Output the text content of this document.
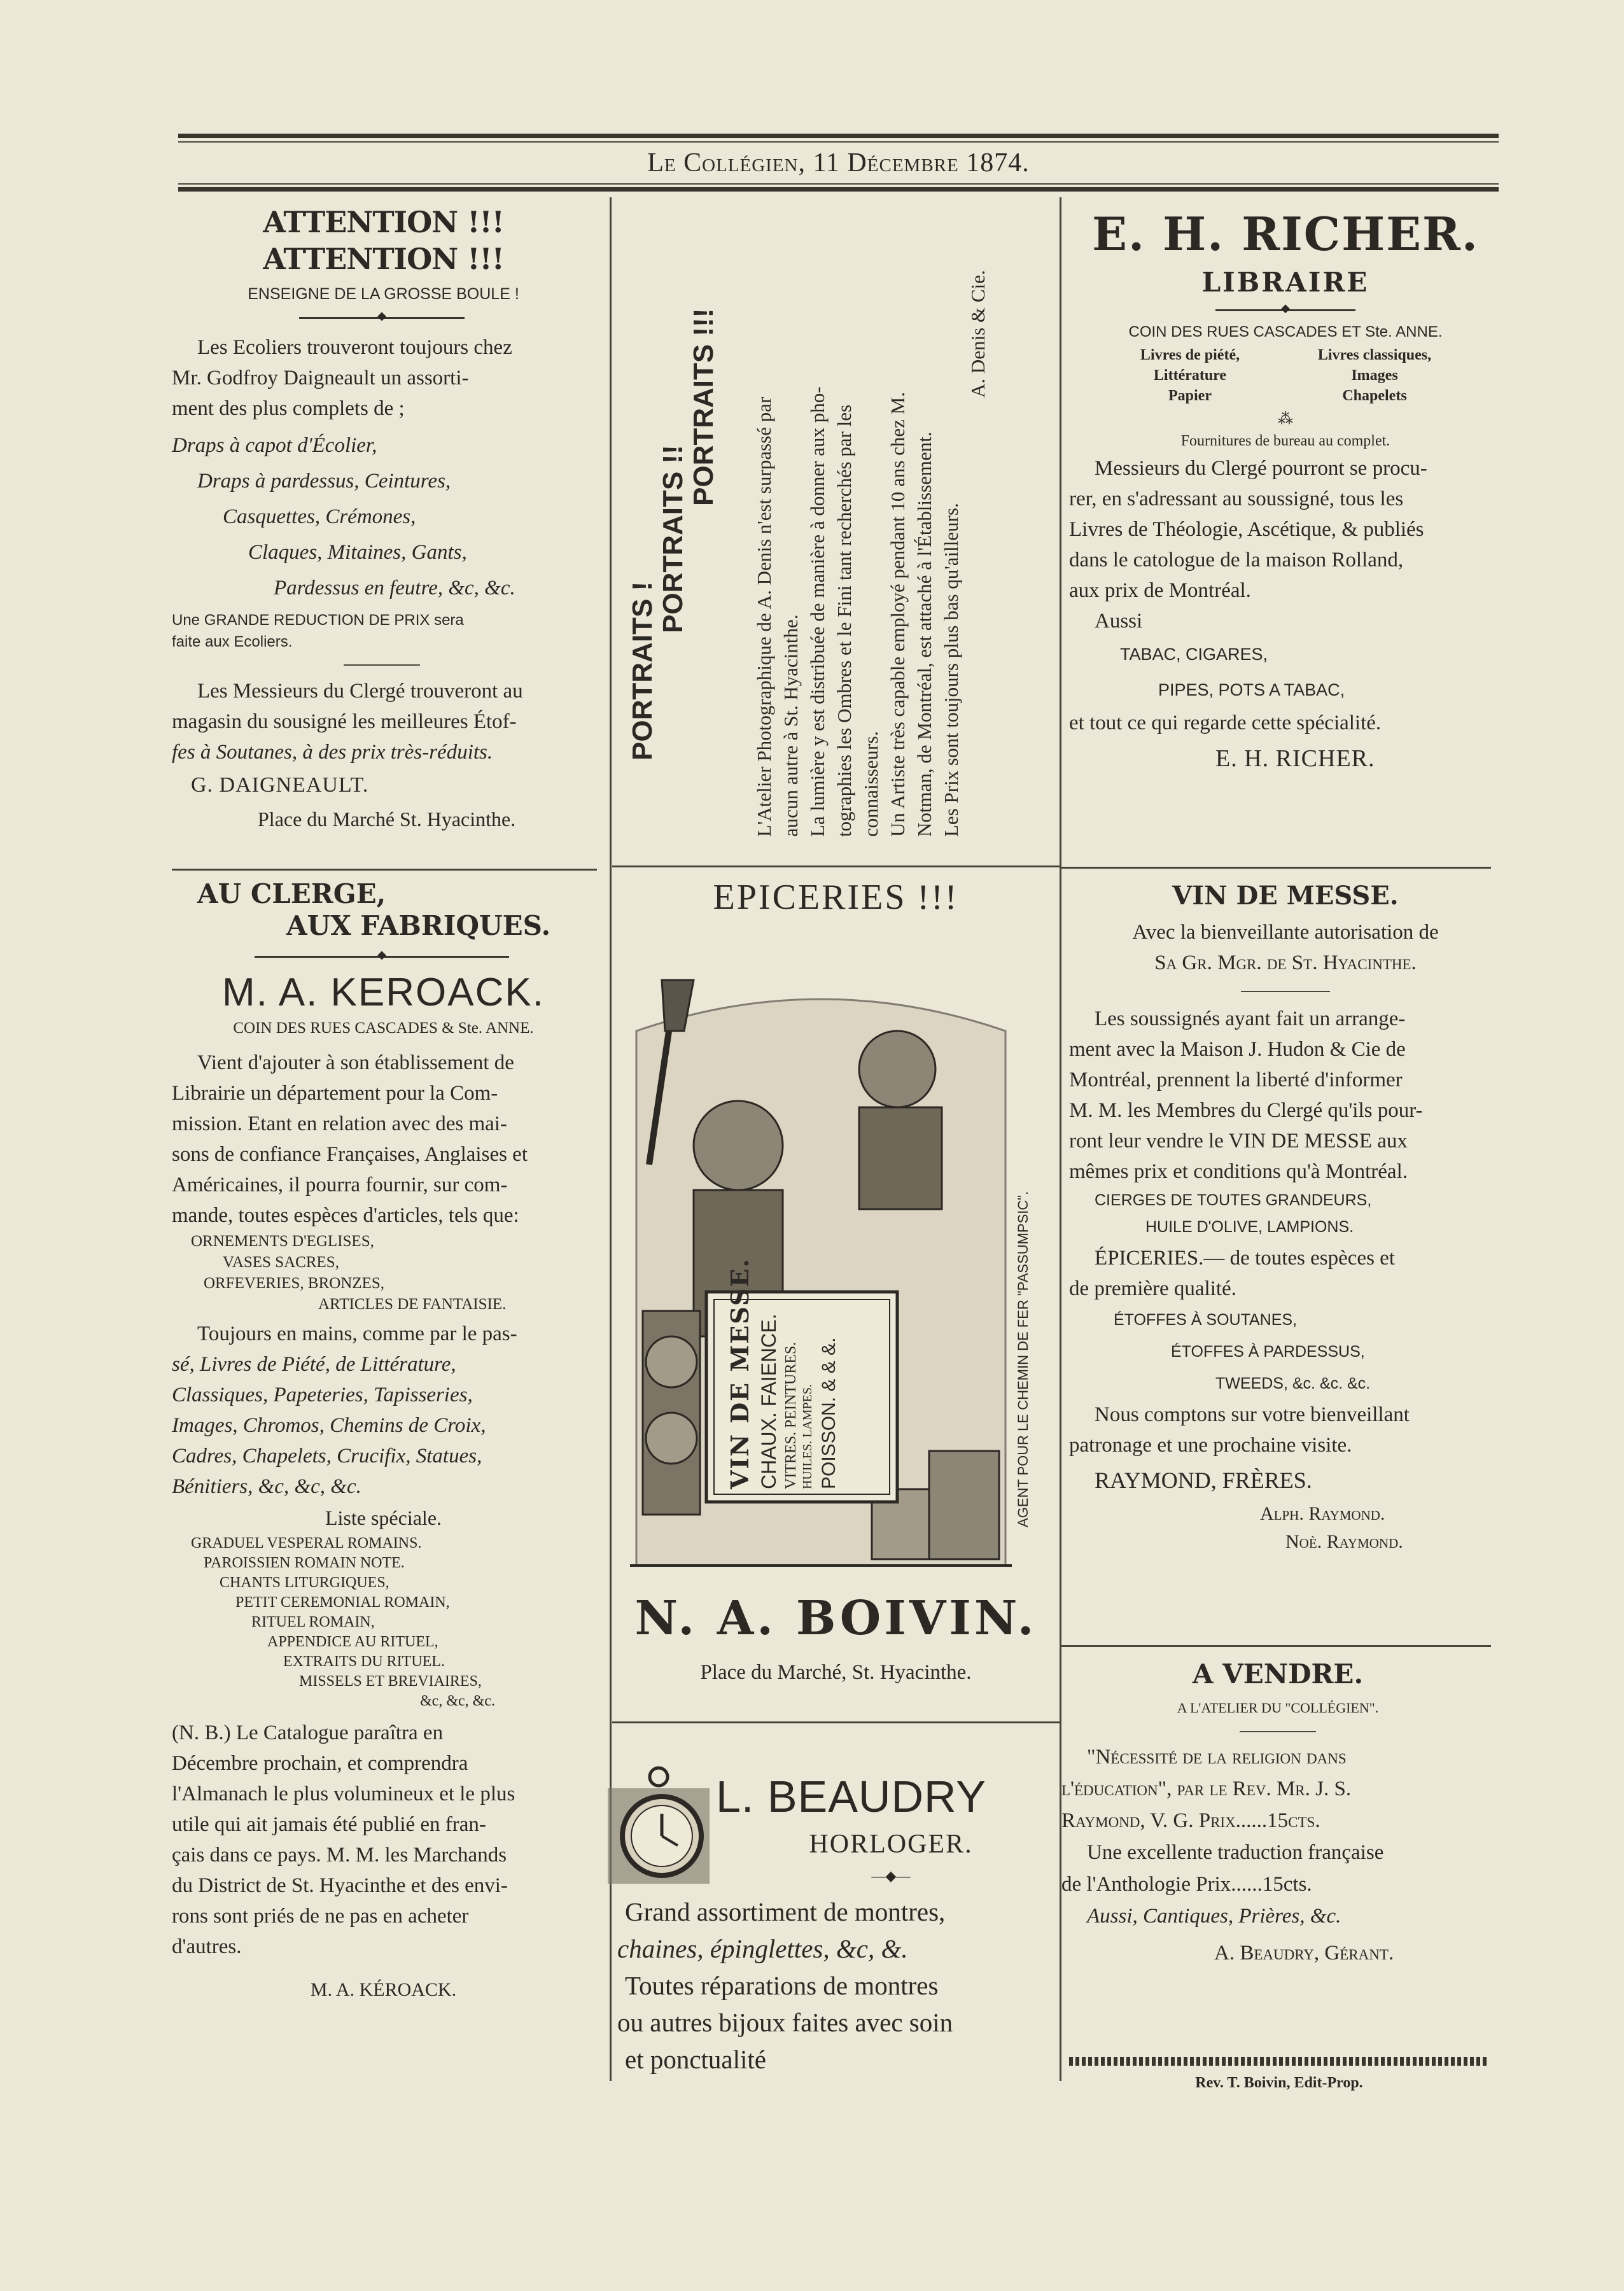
Le Collégien, 11 Décembre 1874.
ATTENTION !!! ATTENTION !!!
ENSEIGNE DE LA GROSSE BOULE !
◆
Les Ecoliers trouveront toujours chez
Mr. Godfroy Daigneault un assorti-
ment des plus complets de ;
Draps à capot d'Écolier,
Draps à pardessus, Ceintures,
Casquettes, Crémones,
Claques, Mitaines, Gants,
Pardessus en feutre, &c, &c.
Une GRANDE REDUCTION DE PRIX sera
faite aux Ecoliers.
Les Messieurs du Clergé trouveront au
magasin du sousigné les meilleures Étof-
fes à Soutanes, à des prix très-réduits.
G. DAIGNEAULT.
Place du Marché St. Hyacinthe.
AU CLERGE,
AUX FABRIQUES.
◆
M. A. KEROACK.
COIN DES RUES CASCADES & Ste. ANNE.
Vient d'ajouter à son établissement de
Librairie un département pour la Com-
mission. Etant en relation avec des mai-
sons de confiance Françaises, Anglaises et
Américaines, il pourra fournir, sur com-
mande, toutes espèces d'articles, tels que:
ORNEMENTS D'EGLISES,
VASES SACRES,
ORFEVERIES, BRONZES,
ARTICLES DE FANTAISIE.
Toujours en mains, comme par le pas-
sé, Livres de Piété, de Littérature,
Classiques, Papeteries, Tapisseries,
Images, Chromos, Chemins de Croix,
Cadres, Chapelets, Crucifix, Statues,
Bénitiers, &c, &c, &c.
Liste spéciale.
GRADUEL VESPERAL ROMAINS.
PAROISSIEN ROMAIN NOTE.
CHANTS LITURGIQUES,
PETIT CEREMONIAL ROMAIN,
RITUEL ROMAIN,
APPENDICE AU RITUEL,
EXTRAITS DU RITUEL.
MISSELS ET BREVIAIRES,
&c, &c, &c.
(N. B.) Le Catalogue paraîtra en
Décembre prochain, et comprendra
l'Almanach le plus volumineux et le plus
utile qui ait jamais été publié en fran-
çais dans ce pays. M. M. les Marchands
du District de St. Hyacinthe et des envi-
rons sont priés de ne pas en acheter
d'autres.
M. A. KÉROACK.
PORTRAITS !
PORTRAITS !!
PORTRAITS !!! L'Atelier Photographique de A. Denis n'est surpassé par aucun autre à St. Hyacinthe. La lumière y est distribuée de manière à donner aux pho- tographies les Ombres et le Fini tant recherchés par les connaisseurs. Un Artiste très capable employé pendant 10 ans chez M. Notman, de Montréal, est attaché à l'Établissement. Les Prix sont toujours plus bas qu'ailleurs.
A. Denis & Cie.
EPICERIES !!!
VIN DE MESSE. CHAUX. FAIENCE. VITRES. PEINTURES. HUILES. LAMPES. POISSON. & & &.	AGENT POUR LE CHEMIN DE FER "PASSUMPSIC".
N. A. BOIVIN.
Place du Marché, St. Hyacinthe.
L. BEAUDRY
HORLOGER.
—◆—
Grand assortiment de montres,
chaines, épinglettes, &c, &.
Toutes réparations de montres
ou autres bijoux faites avec soin
et ponctualité
E. H. RICHER.
LIBRAIRE
◆
COIN DES RUES CASCADES ET Ste. ANNE.
Livres de piété,
Littérature
Papier
Livres classiques,
Images
Chapelets
⁂
Fournitures de bureau au complet.
Messieurs du Clergé pourront se procu-
rer, en s'adressant au soussigné, tous les
Livres de Théologie, Ascétique, & publiés
dans le catologue de la maison Rolland,
aux prix de Montréal.
Aussi
TABAC, CIGARES,
PIPES, POTS A TABAC,
et tout ce qui regarde cette spécialité.
E. H. RICHER.
VIN DE MESSE.
Avec la bienveillante autorisation de
Sa Gr. Mgr. de St. Hyacinthe.
Les soussignés ayant fait un arrange-
ment avec la Maison J. Hudon & Cie de
Montréal, prennent la liberté d'informer
M. M. les Membres du Clergé qu'ils pour-
ront leur vendre le VIN DE MESSE aux
mêmes prix et conditions qu'à Montréal.
CIERGES DE TOUTES GRANDEURS,
HUILE D'OLIVE, LAMPIONS.
ÉPICERIES.— de toutes espèces et
de première qualité.
ÉTOFFES À SOUTANES,
ÉTOFFES À PARDESSUS,
TWEEDS, &c. &c. &c.
Nous comptons sur votre bienveillant
patronage et une prochaine visite.
RAYMOND, FRÈRES.
Alph. Raymond.
Noè. Raymond.
A VENDRE.
A L'ATELIER DU "COLLÉGIEN".
"Nécessité de la religion dans
l'éducation", par le Rev. Mr. J. S.
Raymond, V. G. Prix......15cts.
Une excellente traduction française
de l'Anthologie Prix......15cts.
Aussi, Cantiques, Prières, &c.
A. Beaudry, Gérant.
Rev. T. Boivin, Edit-Prop.
